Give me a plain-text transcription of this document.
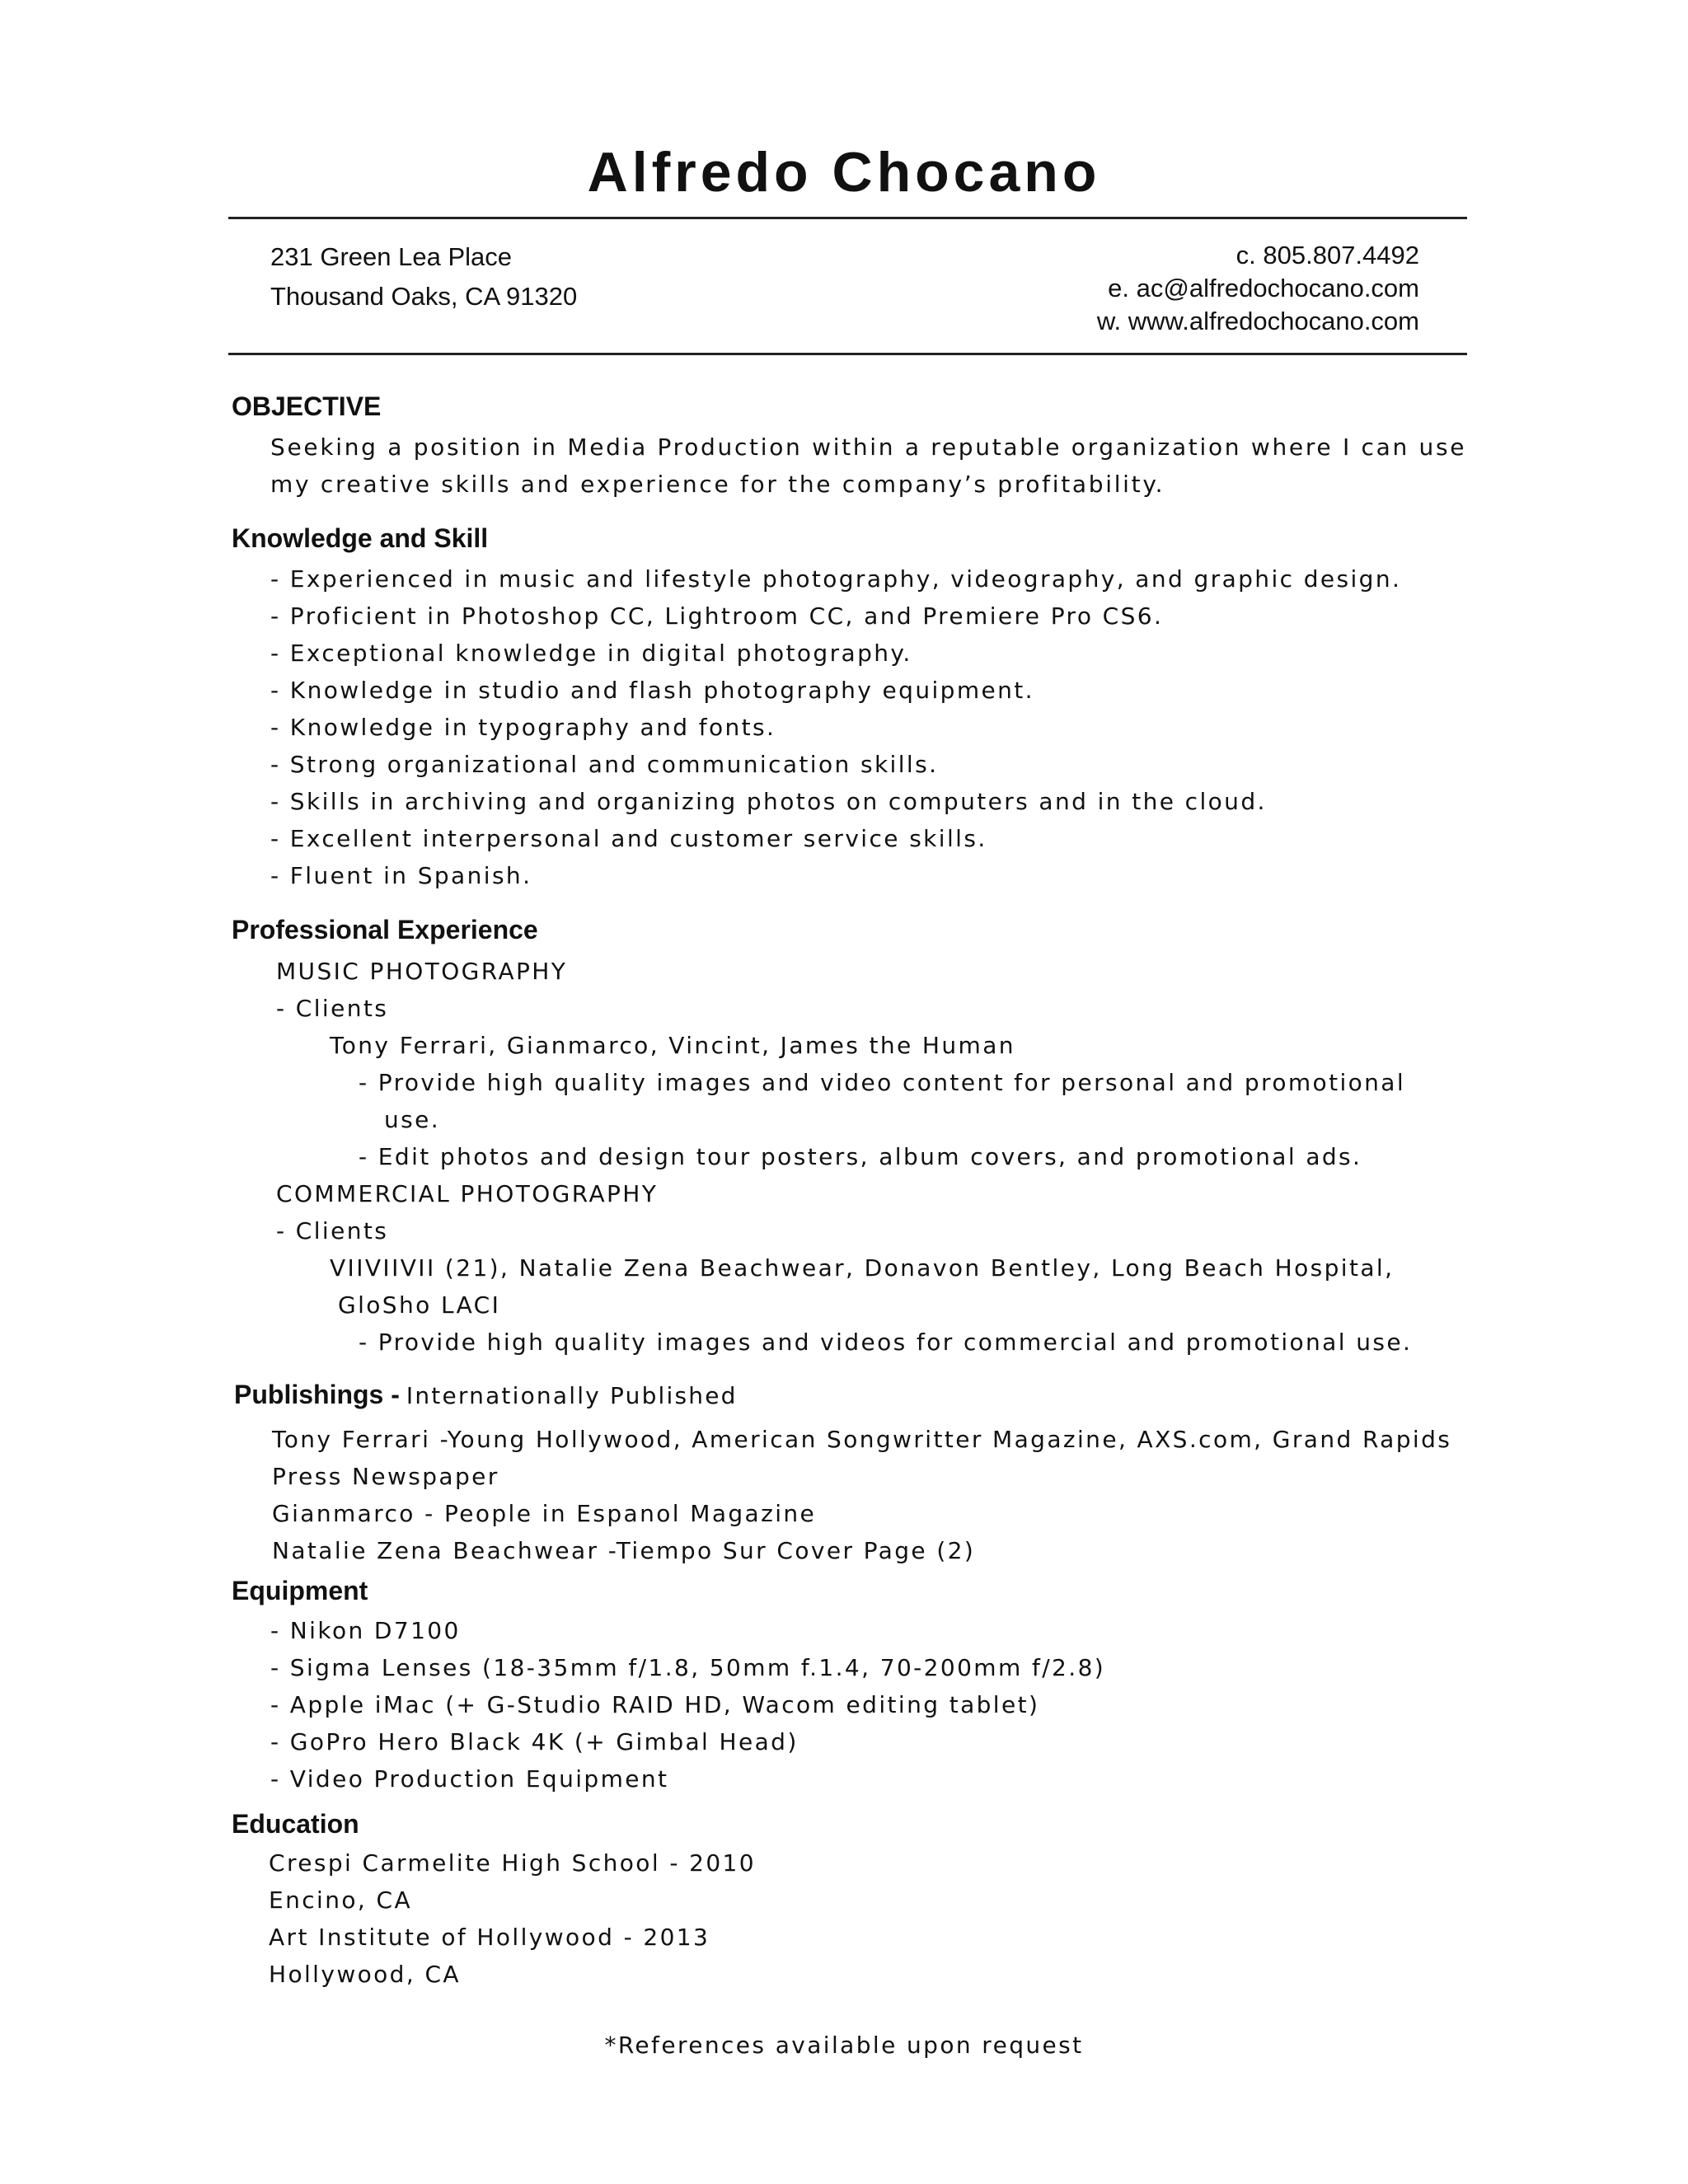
Alfredo Chocano
231 Green Lea Place
Thousand Oaks, CA 91320
c. 805.807.4492
e. ac@alfredochocano.com
w. www.alfredochocano.com
OBJECTIVE
Seeking a position in Media Production within a reputable organization where I can use
my creative skills and experience for the company’s profitability.
Knowledge and Skill
- Experienced in music and lifestyle photography, videography, and graphic design.
- Proficient in Photoshop CC, Lightroom CC, and Premiere Pro CS6.
- Exceptional knowledge in digital photography.
- Knowledge in studio and flash photography equipment.
- Knowledge in typography and fonts.
- Strong organizational and communication skills.
- Skills in archiving and organizing photos on computers and in the cloud.
- Excellent interpersonal and customer service skills.
- Fluent in Spanish.
Professional Experience
MUSIC PHOTOGRAPHY
- Clients
Tony Ferrari, Gianmarco, Vincint, James the Human
- Provide high quality images and video content for personal and promotional
use.
- Edit photos and design tour posters, album covers, and promotional ads.
COMMERCIAL PHOTOGRAPHY
- Clients
VIIVIIVII (21), Natalie Zena Beachwear, Donavon Bentley, Long Beach Hospital,
GloSho LACI
- Provide high quality images and videos for commercial and promotional use.
Publishings - Internationally Published
Tony Ferrari -Young Hollywood, American Songwritter Magazine, AXS.com, Grand Rapids
Press Newspaper
Gianmarco - People in Espanol Magazine
Natalie Zena Beachwear -Tiempo Sur Cover Page (2)
Equipment
- Nikon D7100
- Sigma Lenses (18-35mm f/1.8, 50mm f.1.4, 70-200mm f/2.8)
- Apple iMac (+ G-Studio RAID HD, Wacom editing tablet)
- GoPro Hero Black 4K (+ Gimbal Head)
- Video Production Equipment
Education
Crespi Carmelite High School - 2010
Encino, CA
Art Institute of Hollywood - 2013
Hollywood, CA
*References available upon request
